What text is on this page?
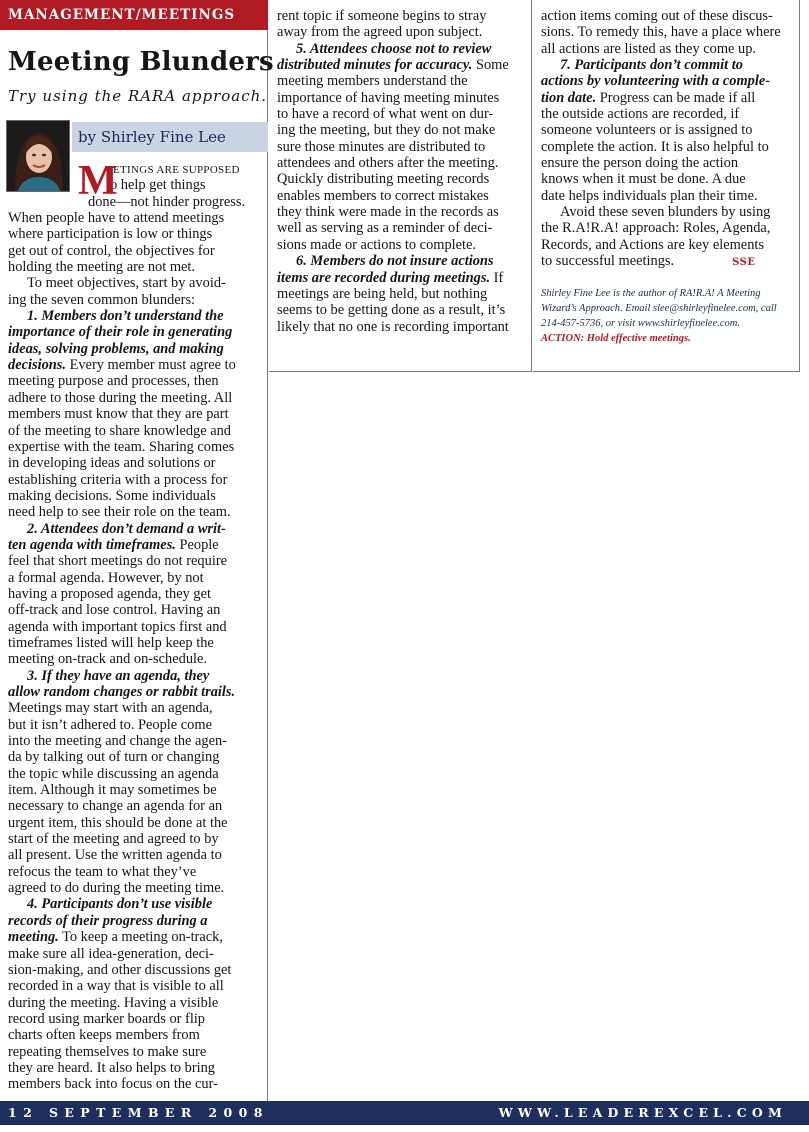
MANAGEMENT/MEETINGS
Meeting Blunders
Try using the RARA approach.
by Shirley Fine Lee
M
EETINGS ARE SUPPOSED
to help get things
done—not hinder progress.
When people have to attend meetings
where participation is low or things
get out of control, the objectives for
holding the meeting are not met.
To meet objectives, start by avoid-
ing the seven common blunders:
1. Members don’t understand the
importance of their role in generating
ideas, solving problems, and making
decisions. Every member must agree to
meeting purpose and processes, then
adhere to those during the meeting. All
members must know that they are part
of the meeting to share knowledge and
expertise with the team. Sharing comes
in developing ideas and solutions or
establishing criteria with a process for
making decisions. Some individuals
need help to see their role on the team.
2. Attendees don’t demand a writ-
ten agenda with timeframes. People
feel that short meetings do not require
a formal agenda. However, by not
having a proposed agenda, they get
off-track and lose control. Having an
agenda with important topics first and
timeframes listed will help keep the
meeting on-track and on-schedule.
3. If they have an agenda, they
allow random changes or rabbit trails.
Meetings may start with an agenda,
but it isn’t adhered to. People come
into the meeting and change the agen-
da by talking out of turn or changing
the topic while discussing an agenda
item. Although it may sometimes be
necessary to change an agenda for an
urgent item, this should be done at the
start of the meeting and agreed to by
all present. Use the written agenda to
refocus the team to what they’ve
agreed to do during the meeting time.
4. Participants don’t use visible
records of their progress during a
meeting. To keep a meeting on-track,
make sure all idea-generation, deci-
sion-making, and other discussions get
recorded in a way that is visible to all
during the meeting. Having a visible
record using marker boards or flip
charts often keeps members from
repeating themselves to make sure
they are heard. It also helps to bring
members back into focus on the cur-
rent topic if someone begins to stray
away from the agreed upon subject.
5. Attendees choose not to review
distributed minutes for accuracy. Some
meeting members understand the
importance of having meeting minutes
to have a record of what went on dur-
ing the meeting, but they do not make
sure those minutes are distributed to
attendees and others after the meeting.
Quickly distributing meeting records
enables members to correct mistakes
they think were made in the records as
well as serving as a reminder of deci-
sions made or actions to complete.
6. Members do not insure actions
items are recorded during meetings. If
meetings are being held, but nothing
seems to be getting done as a result, it’s
likely that no one is recording important
action items coming out of these discus-
sions. To remedy this, have a place where
all actions are listed as they come up.
7. Participants don’t commit to
actions by volunteering with a comple-
tion date. Progress can be made if all
the outside actions are recorded, if
someone volunteers or is assigned to
complete the action. It is also helpful to
ensure the person doing the action
knows when it must be done. A due
date helps individuals plan their time.
Avoid these seven blunders by using
the R.A!R.A! approach: Roles, Agenda,
Records, and Actions are key elements
to successful meetings.	SSE
Shirley Fine Lee is the author of RA!R.A! A Meeting
Wizard’s Approach. Email slee@shirleyfinelee.com, call
214-457-5736, or visit www.shirleyfinelee.com.
ACTION: Hold effective meetings.
12 SEPTEMBER 2008	WWW.LEADEREXCEL.COM
